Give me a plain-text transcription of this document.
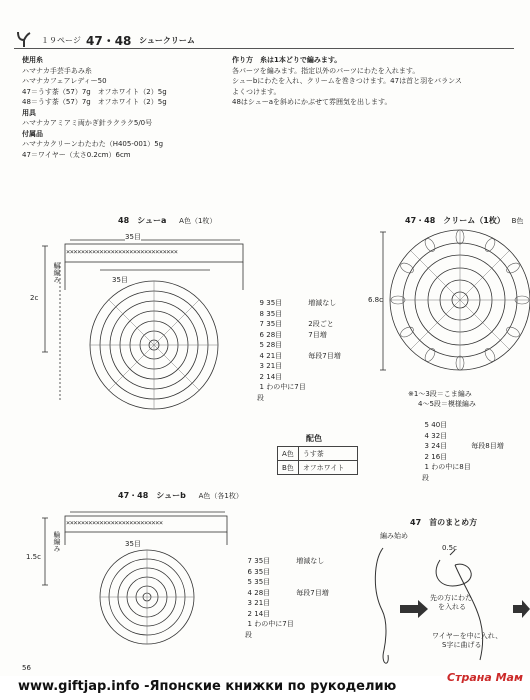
１９ページ 47・48 シュークリーム
使用糸
ハマナカ手芸手あみ糸
ハマナカフェアレディー50
47＝うす茶（57）7g　オフホワイト（2）5g
48＝うす茶（57）7g　オフホワイト（2）5g
用具
ハマナカアミアミ両かぎ針ラクラク5/0号
付属品
ハマナカクリーンわたわた（H405-001）5g
47＝ワイヤー（太さ0.2cm）6cm
作り方　糸は1本どりで編みます。
各パーツを編みます。指定以外のパーツにわたを入れます。
シューbにわたを入れ、クリームを巻きつけます。47は首と羽をバランス
よくつけます。
48はシューaを斜めにかぶせて雰囲気を出します。
48　シューa A色（1枚）
××××××××××××××××××××××××××××××
35目
35目
輪編み
2c
9 35目	増減なし
8 35目
7 35目	2段ごと
6 28目	7目増
5 28目
4 21目	毎段7目増
3 21目
2 14目
1 わの中に7目
段
47・48　クリーム（1枚） B色
6.8c
※1〜3段＝こま編み
4〜5段＝模様編み
5 40目
4 32目
3 24目	毎段8目増
2 16目
1 わの中に8目
段
配色
A色	うす茶
B色	オフホワイト
47・48　シューb A色（各1枚）
××××××××××××××××××××××××××
35目
輪編み
1.5c	7 35目	増減なし
6 35目
5 35目
4 28目	毎段7目増
3 21目
2 14目
1 わの中に7目
段
47　首のまとめ方
編み始め
0.5c
先の方にわた
を入れる
ワイヤーを中に入れ、
S字に曲げる
56
www.giftjap.info -Японские книжки по рукоделию
Страна Мам
